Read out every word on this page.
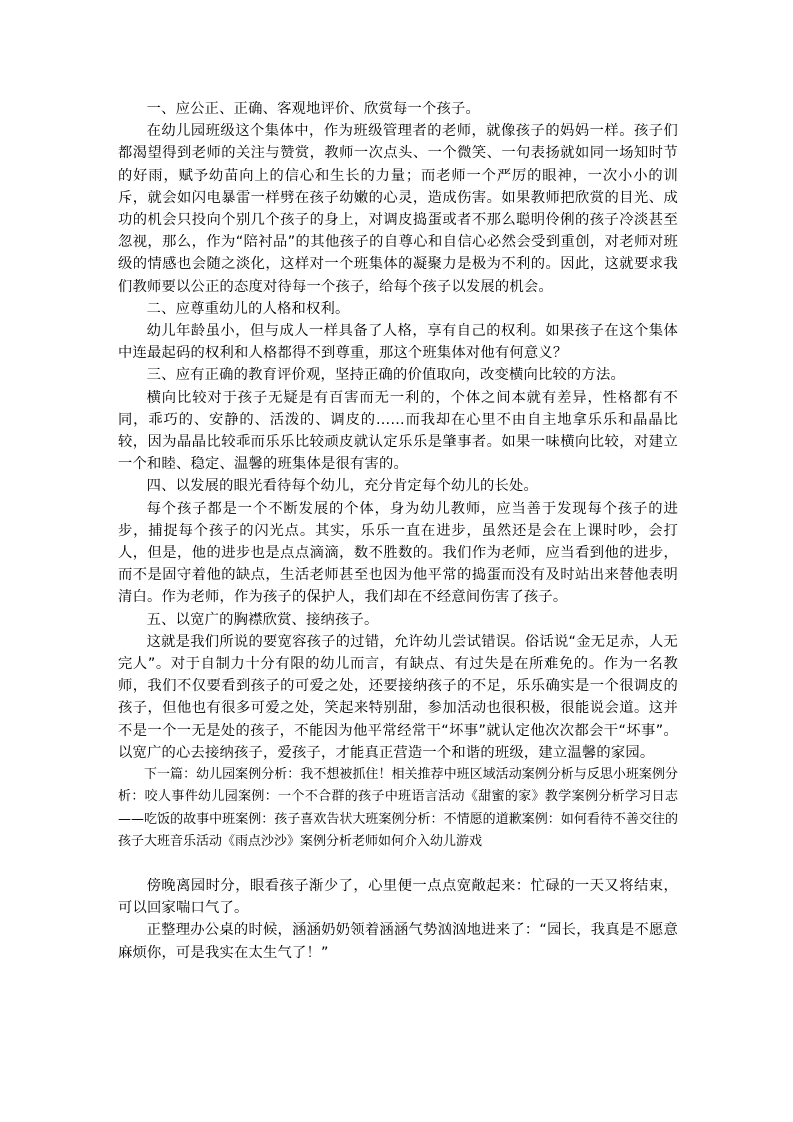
一、应公正、正确、客观地评价、欣赏每一个孩子。

在幼儿园班级这个集体中，作为班级管理者的老师，就像孩子的妈妈一样。孩子们都渴望得到老师的关注与赞赏，教师一次点头、一个微笑、一句表扬就如同一场知时节的好雨，赋予幼苗向上的信心和生长的力量；而老师一个严厉的眼神，一次小小的训斥，就会如闪电暴雷一样劈在孩子幼嫩的心灵，造成伤害。如果教师把欣赏的目光、成功的机会只投向个别几个孩子的身上，对调皮捣蛋或者不那么聪明伶俐的孩子冷淡甚至忽视，那么，作为“陪衬品”的其他孩子的自尊心和自信心必然会受到重创，对老师对班级的情感也会随之淡化，这样对一个班集体的凝聚力是极为不利的。因此，这就要求我们教师要以公正的态度对待每一个孩子，给每个孩子以发展的机会。

二、应尊重幼儿的人格和权利。

幼儿年龄虽小，但与成人一样具备了人格，享有自己的权利。如果孩子在这个集体中连最起码的权利和人格都得不到尊重，那这个班集体对他有何意义？

三、应有正确的教育评价观，坚持正确的价值取向，改变横向比较的方法。

横向比较对于孩子无疑是有百害而无一利的，个体之间本就有差异，性格都有不同，乖巧的、安静的、活泼的、调皮的……而我却在心里不由自主地拿乐乐和晶晶比较，因为晶晶比较乖而乐乐比较顽皮就认定乐乐是肇事者。如果一味横向比较，对建立一个和睦、稳定、温馨的班集体是很有害的。

四、以发展的眼光看待每个幼儿，充分肯定每个幼儿的长处。

每个孩子都是一个不断发展的个体，身为幼儿教师，应当善于发现每个孩子的进步，捕捉每个孩子的闪光点。其实，乐乐一直在进步，虽然还是会在上课时吵，会打人，但是，他的进步也是点点滴滴，数不胜数的。我们作为老师，应当看到他的进步，而不是固守着他的缺点，生活老师甚至也因为他平常的捣蛋而没有及时站出来替他表明清白。作为老师，作为孩子的保护人，我们却在不经意间伤害了孩子。

五、以宽广的胸襟欣赏、接纳孩子。

这就是我们所说的要宽容孩子的过错，允许幼儿尝试错误。俗话说“金无足赤，人无完人”。对于自制力十分有限的幼儿而言，有缺点、有过失是在所难免的。作为一名教师，我们不仅要看到孩子的可爱之处，还要接纳孩子的不足，乐乐确实是一个很调皮的孩子，但他也有很多可爱之处，笑起来特别甜，参加活动也很积极，很能说会道。这并不是一个一无是处的孩子，不能因为他平常经常干“坏事”就认定他次次都会干“坏事”。以宽广的心去接纳孩子，爱孩子，才能真正营造一个和谐的班级，建立温馨的家园。

下一篇：幼儿园案例分析：我不想被抓住！相关推荐中班区域活动案例分析与反思小班案例分析：咬人事件幼儿园案例：一个不合群的孩子中班语言活动《甜蜜的家》教学案例分析学习日志——吃饭的故事中班案例：孩子喜欢告状大班案例分析：不情愿的道歉案例：如何看待不善交往的孩子大班音乐活动《雨点沙沙》案例分析老师如何介入幼儿游戏

傍晚离园时分，眼看孩子渐少了，心里便一点点宽敞起来：忙碌的一天又将结束，可以回家喘口气了。

正整理办公桌的时候，涵涵奶奶领着涵涵气势汹汹地进来了：“园长，我真是不愿意麻烦你，可是我实在太生气了！”
